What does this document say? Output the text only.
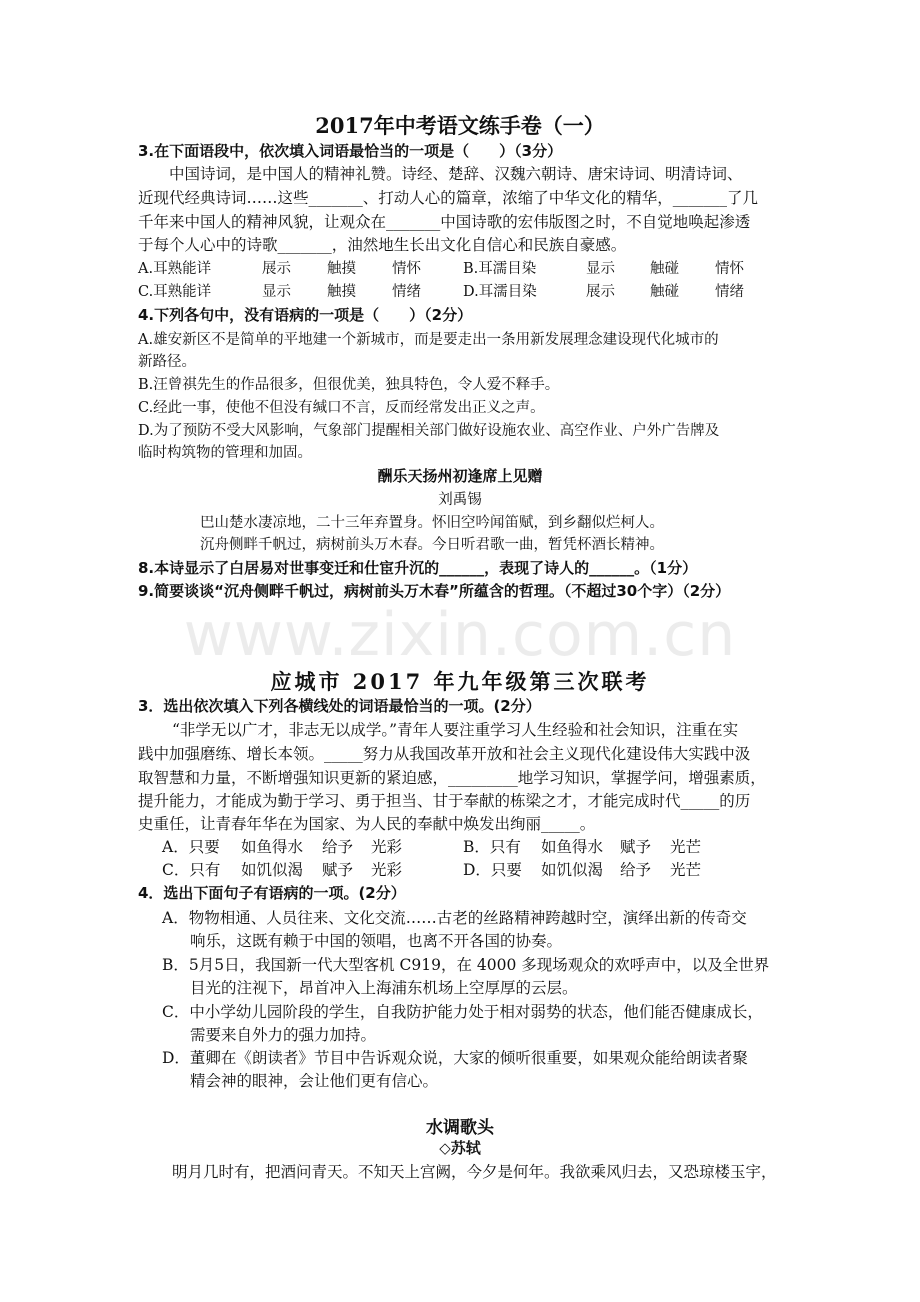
www.zixin.com.cn
2017年中考语文练手卷（一）
3.在下面语段中，依次填入词语最恰当的一项是（　　）（3分）
中国诗词，是中国人的精神礼赞。诗经、楚辞、汉魏六朝诗、唐宋诗词、明清诗词、
近现代经典诗词……这些_______、打动人心的篇章，浓缩了中华文化的精华，_______了几
千年来中国人的精神风貌，让观众在_______中国诗歌的宏伟版图之时，不自觉地唤起渗透
于每个人心中的诗歌_______，油然地生长出文化自信心和民族自豪感。
A.耳熟能详	展示 触摸 情怀	B.耳濡目染	显示 触碰 情怀
C.耳熟能详	显示 触摸 情绪	D.耳濡目染	展示 触碰 情绪
4.下列各句中，没有语病的一项是（　　）（2分）
A.雄安新区不是简单的平地建一个新城市，而是要走出一条用新发展理念建设现代化城市的
新路径。
B.汪曾祺先生的作品很多，但很优美，独具特色，令人爱不释手。
C.经此一事，使他不但没有缄口不言，反而经常发出正义之声。
D.为了预防不受大风影响，气象部门提醒相关部门做好设施农业、高空作业、户外广告牌及
临时构筑物的管理和加固。
酬乐天扬州初逢席上见赠
刘禹锡
巴山楚水凄凉地，二十三年弃置身。怀旧空吟闻笛赋，到乡翻似烂柯人。
沉舟侧畔千帆过，病树前头万木春。今日听君歌一曲，暂凭杯酒长精神。
8.本诗显示了白居易对世事变迁和仕宦升沉的______，表现了诗人的______。（1分）
9.简要谈谈“沉舟侧畔千帆过，病树前头万木春”所蕴含的哲理。（不超过30个字）（2分）
应城市 2017 年九年级第三次联考
3．选出依次填入下列各横线处的词语最恰当的一项。(2分）
“非学无以广才，非志无以成学。”青年人要注重学习人生经验和社会知识，注重在实
践中加强磨练、增长本领。_____努力从我国改革开放和社会主义现代化建设伟大实践中汲
取智慧和力量，不断增强知识更新的紧迫感，_________地学习知识，掌握学问，增强素质，
提升能力，才能成为勤于学习、勇于担当、甘于奉献的栋梁之才，才能完成时代_____的历
史重任，让青春年华在为国家、为人民的奉献中焕发出绚丽_____。
A．只要 如鱼得水 给予 光彩	B．只有 如鱼得水 赋予 光芒
C．只有 如饥似渴 赋予 光彩	D．只要 如饥似渴 给予 光芒
4．选出下面句子有语病的一项。(2分）
A．物物相通、人员往来、文化交流……古老的丝路精神跨越时空，演绎出新的传奇交
响乐，这既有赖于中国的领唱，也离不开各国的协奏。
B．5月5日，我国新一代大型客机 C919，在 4000 多现场观众的欢呼声中，以及全世界
目光的注视下，昂首冲入上海浦东机场上空厚厚的云层。
C．中小学幼儿园阶段的学生，自我防护能力处于相对弱势的状态，他们能否健康成长，
需要来自外力的强力加持。
D．董卿在《朗读者》节目中告诉观众说，大家的倾听很重要，如果观众能给朗读者聚
精会神的眼神，会让他们更有信心。
水调歌头
◇苏轼
明月几时有，把酒问青天。不知天上宫阙，今夕是何年。我欲乘风归去，又恐琼楼玉宇，
